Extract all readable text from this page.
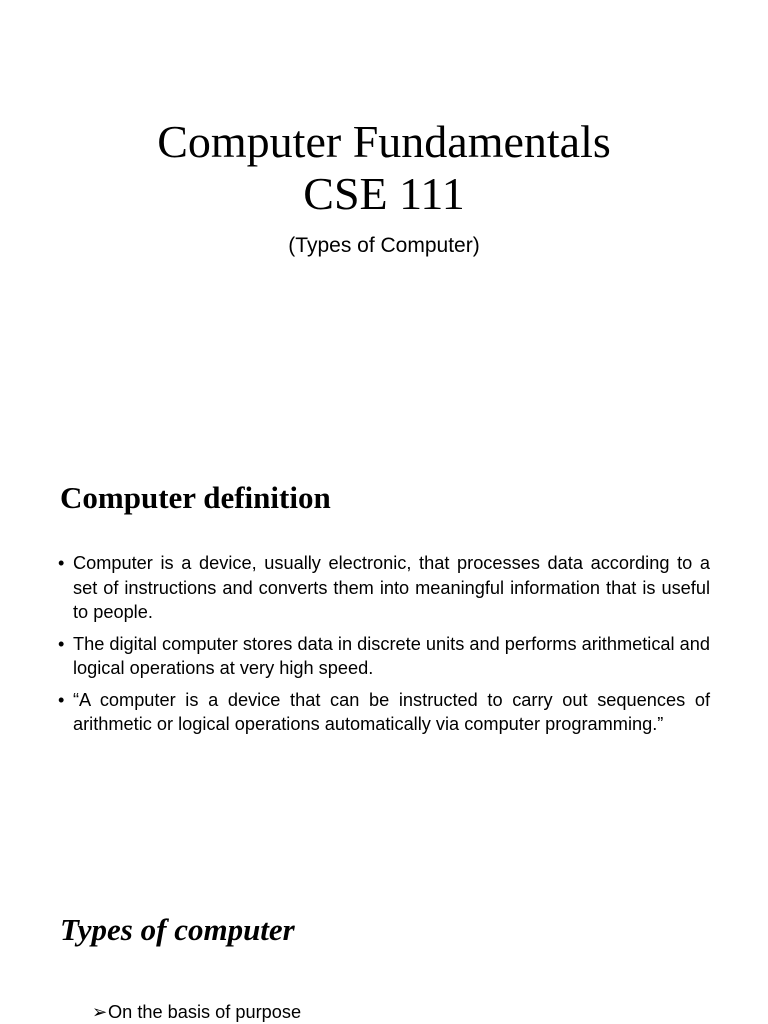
Computer Fundamentals
CSE 111
(Types of Computer)
Computer definition
• Computer is a device, usually electronic, that processes data according to a set of instructions and converts them into meaningful information that is useful to people.
• The digital computer stores data in discrete units and performs arithmetical and logical operations at very high speed.
• “A computer is a device that can be instructed to carry out sequences of arithmetic or logical operations automatically via computer programming.”
Types of computer
➢On the basis of purpose
